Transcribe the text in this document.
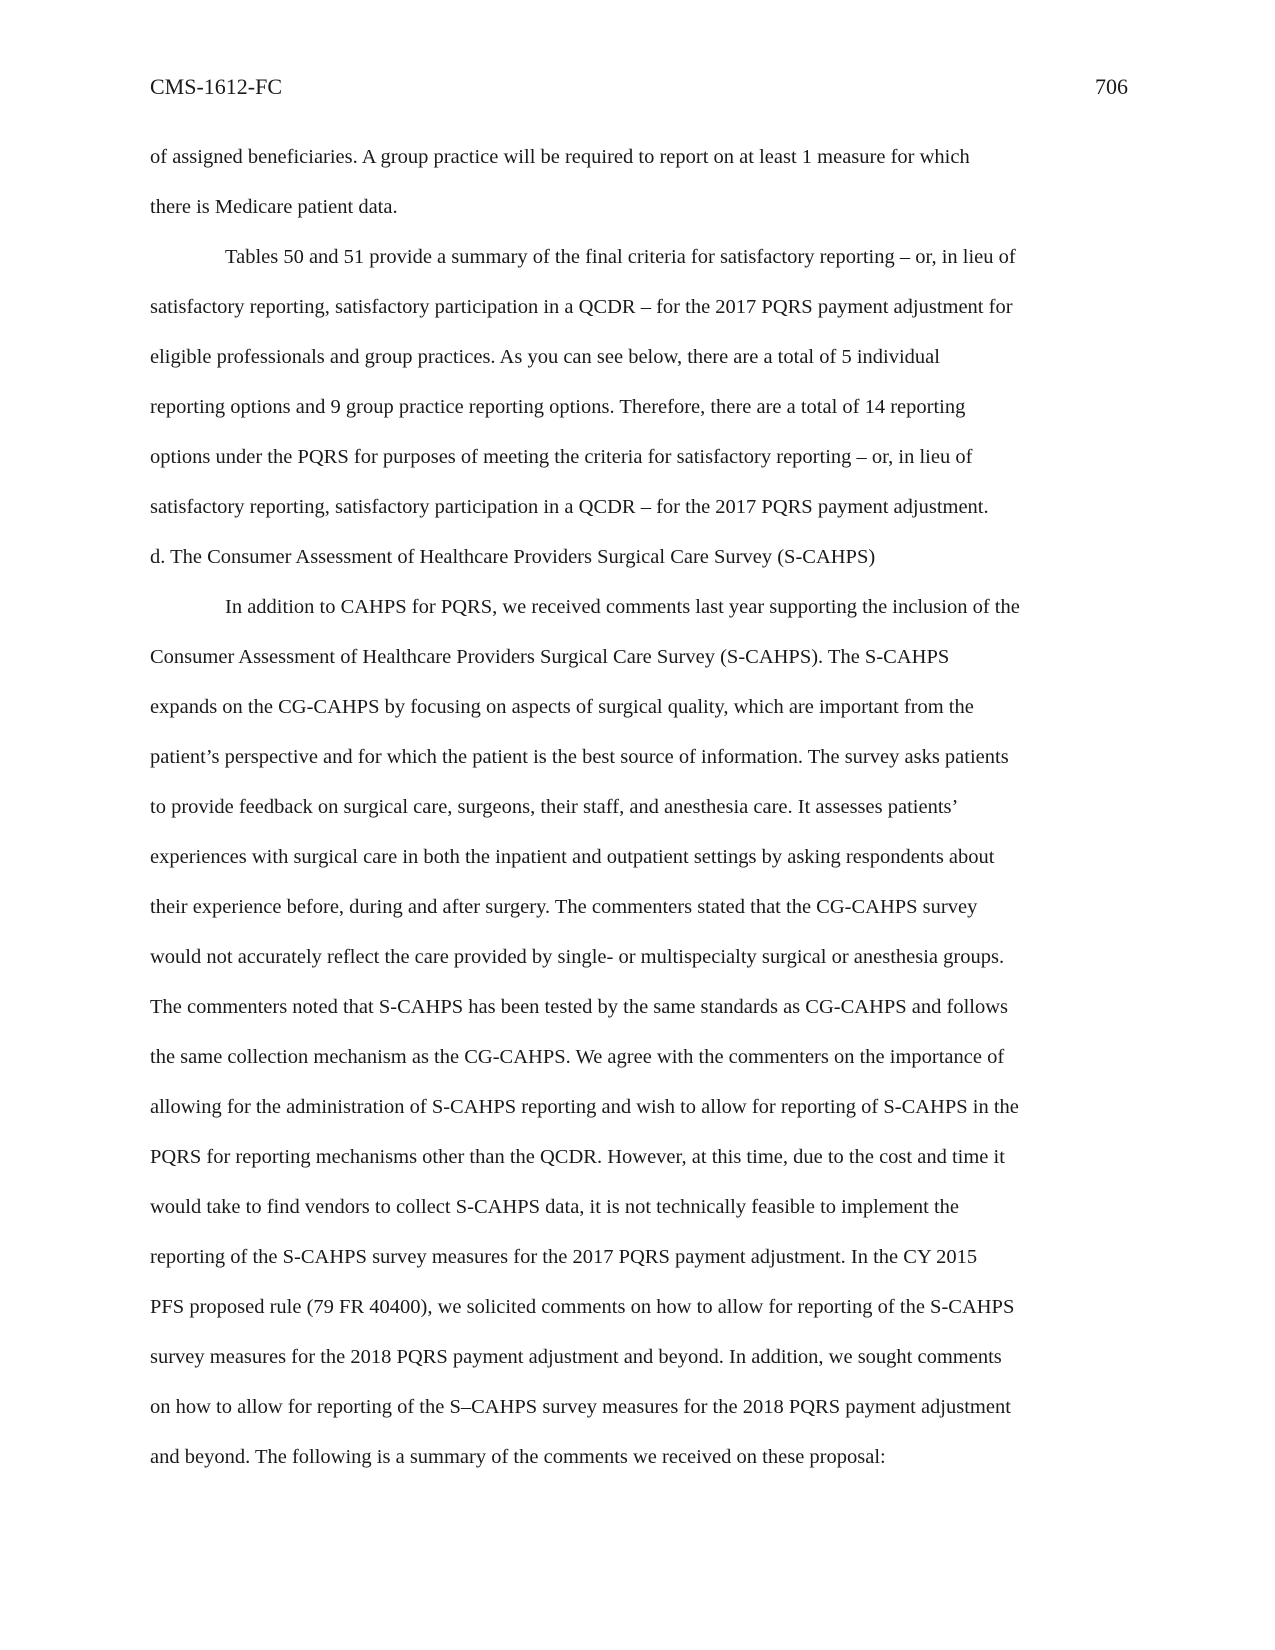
CMS-1612-FC	706
of assigned beneficiaries. A group practice will be required to report on at least 1 measure for which
there is Medicare patient data.
Tables 50 and 51 provide a summary of the final criteria for satisfactory reporting – or, in lieu of
satisfactory reporting, satisfactory participation in a QCDR – for the 2017 PQRS payment adjustment for
eligible professionals and group practices. As you can see below, there are a total of 5 individual
reporting options and 9 group practice reporting options. Therefore, there are a total of 14 reporting
options under the PQRS for purposes of meeting the criteria for satisfactory reporting – or, in lieu of
satisfactory reporting, satisfactory participation in a QCDR – for the 2017 PQRS payment adjustment.
d. The Consumer Assessment of Healthcare Providers Surgical Care Survey (S-CAHPS)
In addition to CAHPS for PQRS, we received comments last year supporting the inclusion of the
Consumer Assessment of Healthcare Providers Surgical Care Survey (S-CAHPS). The S-CAHPS
expands on the CG-CAHPS by focusing on aspects of surgical quality, which are important from the
patient’s perspective and for which the patient is the best source of information. The survey asks patients
to provide feedback on surgical care, surgeons, their staff, and anesthesia care. It assesses patients’
experiences with surgical care in both the inpatient and outpatient settings by asking respondents about
their experience before, during and after surgery. The commenters stated that the CG-CAHPS survey
would not accurately reflect the care provided by single- or multispecialty surgical or anesthesia groups.
The commenters noted that S-CAHPS has been tested by the same standards as CG-CAHPS and follows
the same collection mechanism as the CG-CAHPS. We agree with the commenters on the importance of
allowing for the administration of S-CAHPS reporting and wish to allow for reporting of S-CAHPS in the
PQRS for reporting mechanisms other than the QCDR. However, at this time, due to the cost and time it
would take to find vendors to collect S-CAHPS data, it is not technically feasible to implement the
reporting of the S-CAHPS survey measures for the 2017 PQRS payment adjustment. In the CY 2015
PFS proposed rule (79 FR 40400), we solicited comments on how to allow for reporting of the S-CAHPS
survey measures for the 2018 PQRS payment adjustment and beyond. In addition, we sought comments
on how to allow for reporting of the S–CAHPS survey measures for the 2018 PQRS payment adjustment
and beyond. The following is a summary of the comments we received on these proposal:
